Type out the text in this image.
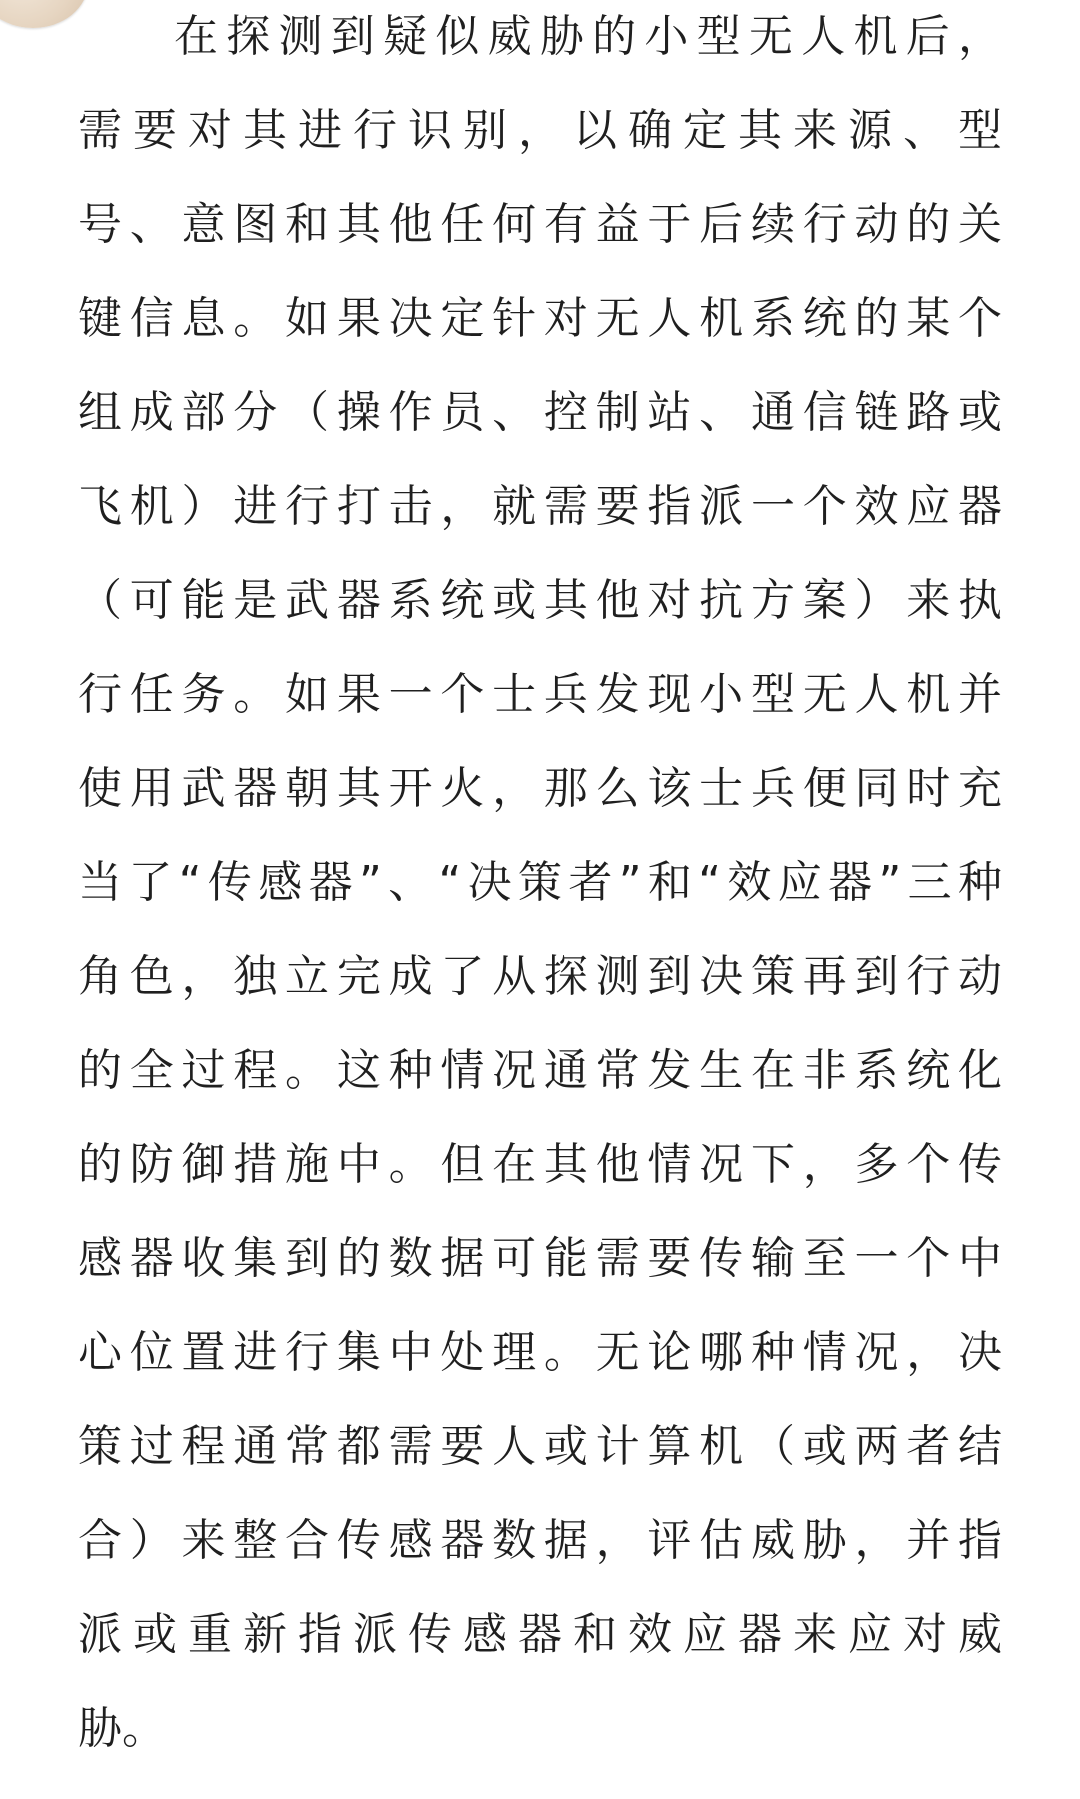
在探测到疑似威胁的小型无人机后，
需要对其进行识别，以确定其来源、型
号、意图和其他任何有益于后续行动的关
键信息。如果决定针对无人机系统的某个
组成部分（操作员、控制站、通信链路或
飞机）进行打击，就需要指派一个效应器
（可能是武器系统或其他对抗方案）来执
行任务。如果一个士兵发现小型无人机并
使用武器朝其开火，那么该士兵便同时充
当了“传感器”、“决策者”和“效应器”三种
角色，独立完成了从探测到决策再到行动
的全过程。这种情况通常发生在非系统化
的防御措施中。但在其他情况下，多个传
感器收集到的数据可能需要传输至一个中
心位置进行集中处理。无论哪种情况，决
策过程通常都需要人或计算机（或两者结
合）来整合传感器数据，评估威胁，并指
派或重新指派传感器和效应器来应对威
胁。
